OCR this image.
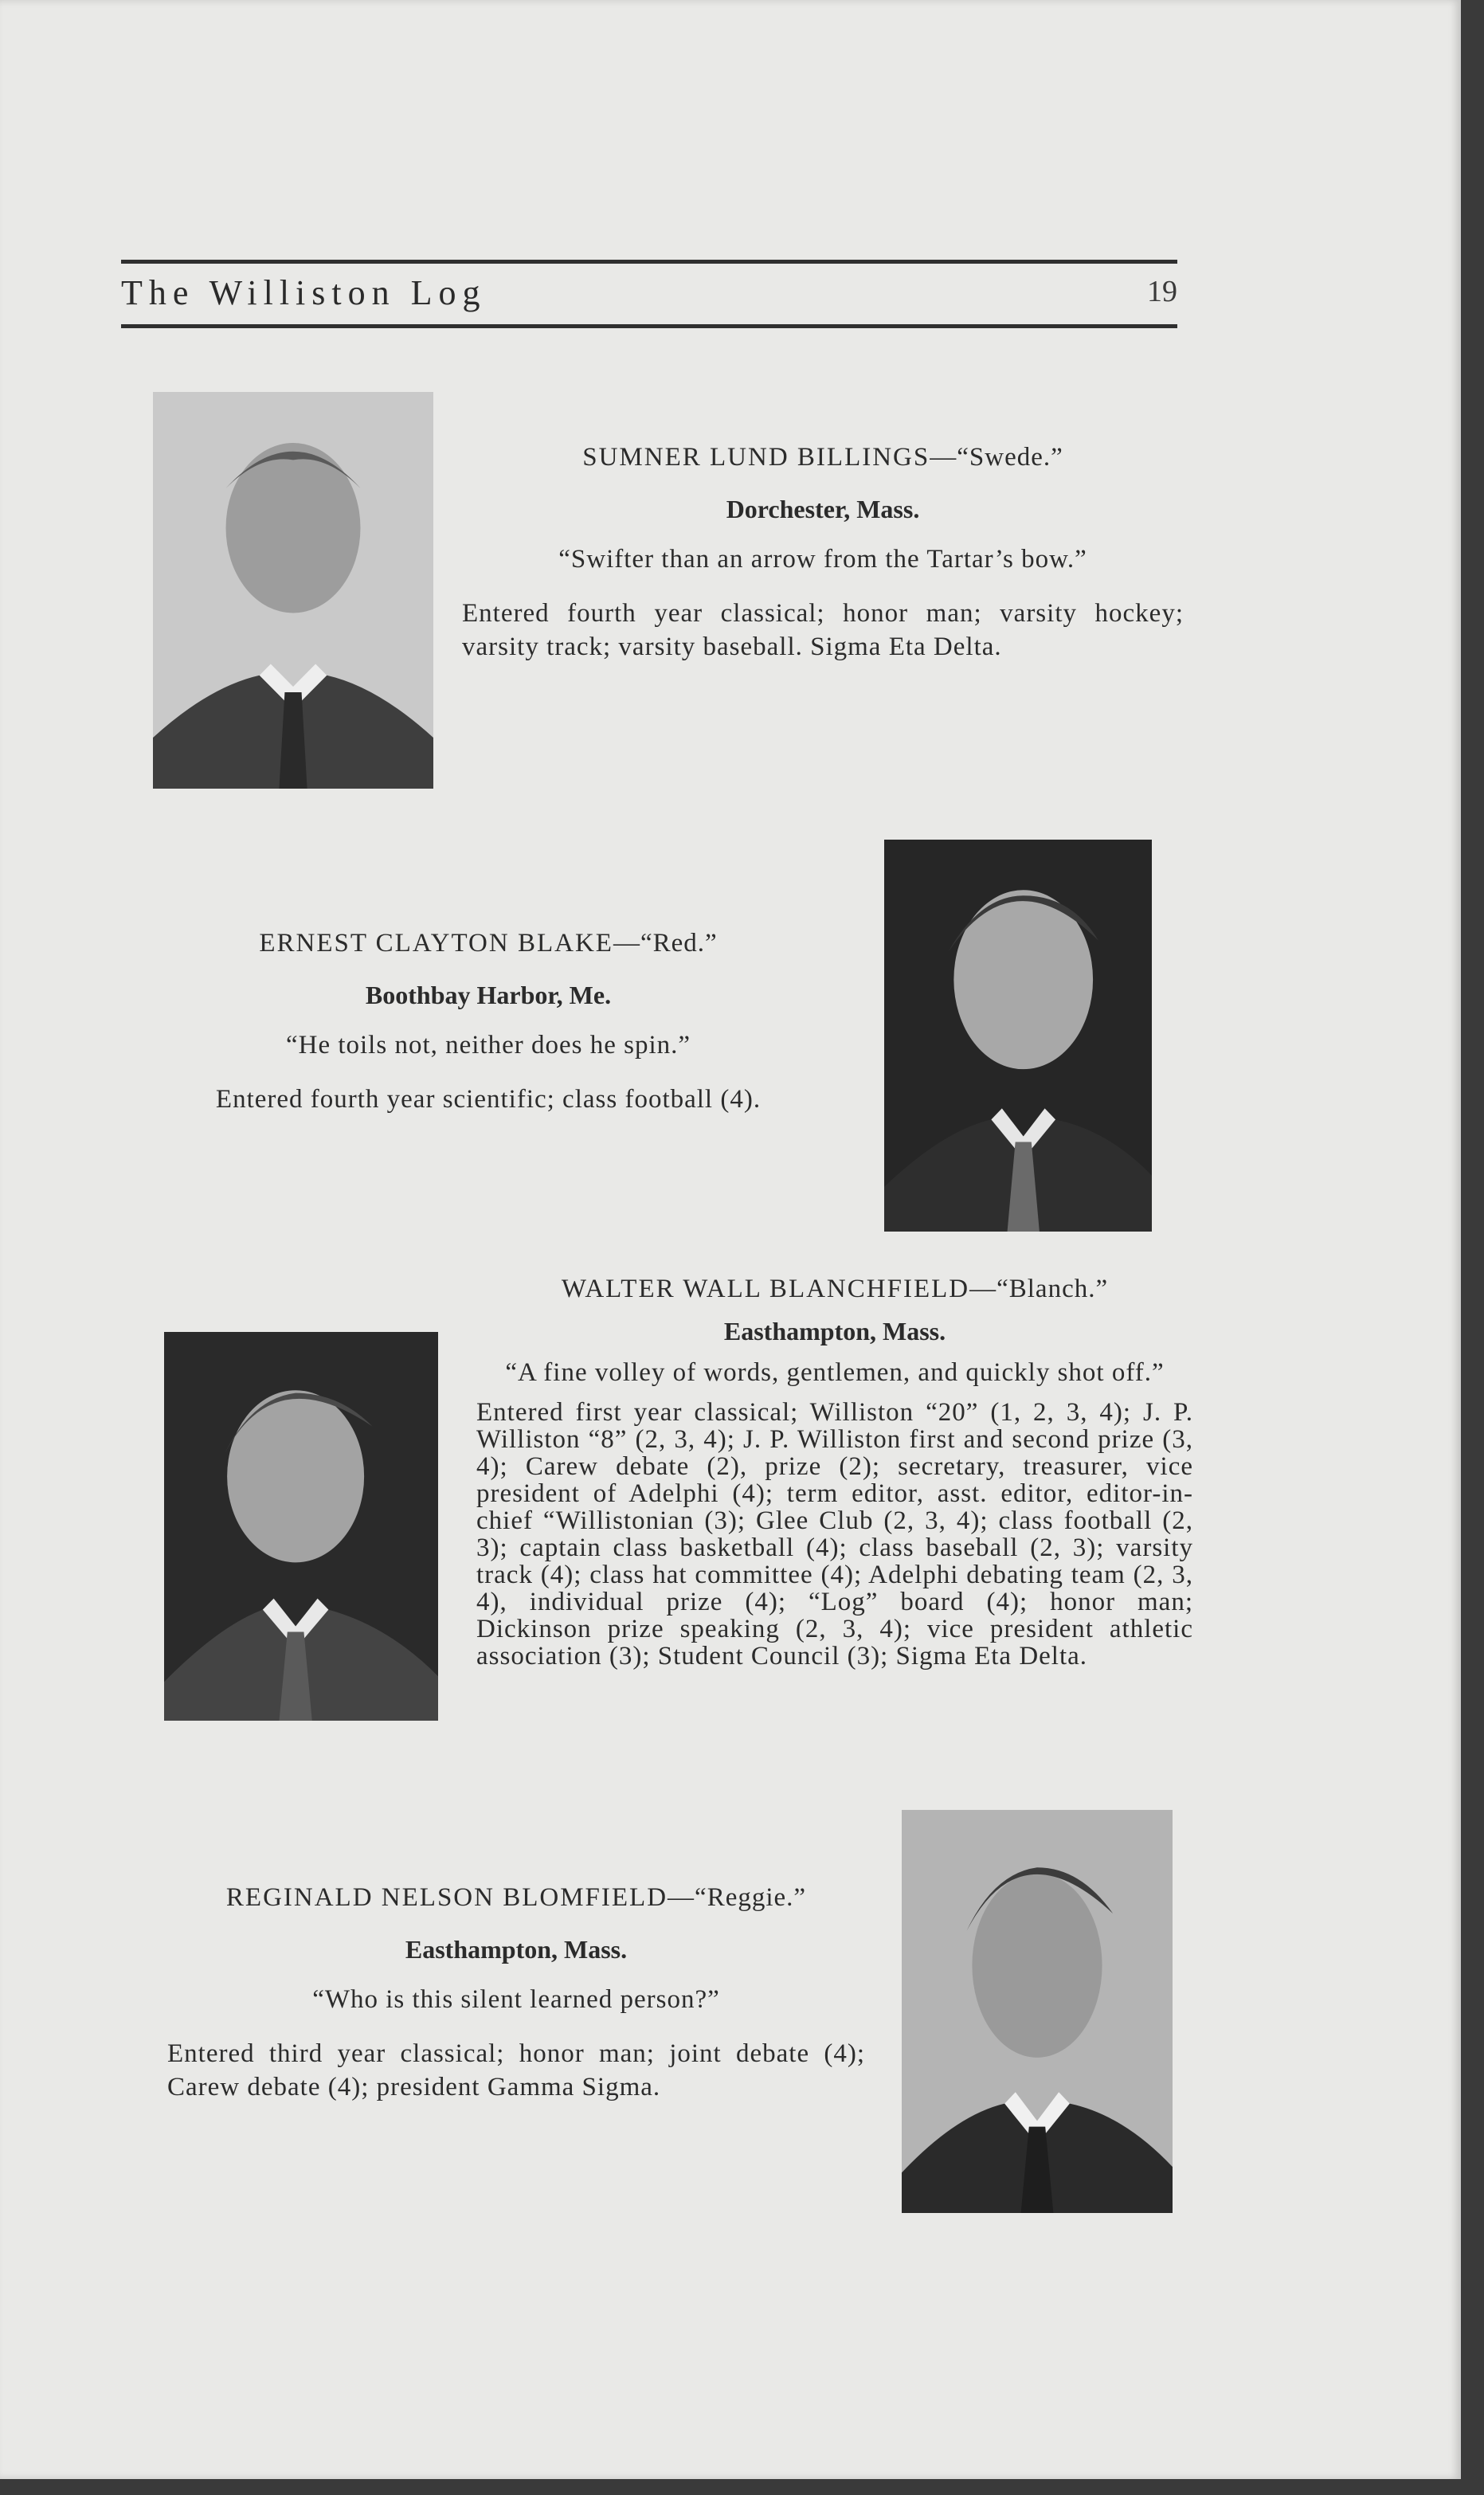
The Williston Log	19

SUMNER LUND BILLINGS—“Swede.”

Dorchester, Mass.

“Swifter than an arrow from the Tartar’s bow.”

Entered fourth year classical; honor man; varsity hockey; varsity track; varsity baseball. Sigma Eta Delta.

ERNEST CLAYTON BLAKE—“Red.”

Boothbay Harbor, Me.

“He toils not, neither does he spin.”

Entered fourth year scientific; class football (4).

WALTER WALL BLANCHFIELD—“Blanch.”

Easthampton, Mass.

“A fine volley of words, gentlemen, and quickly shot off.”

Entered first year classical; Williston “20” (1, 2, 3, 4); J. P. Williston “8” (2, 3, 4); J. P. Williston first and second prize (3, 4); Carew debate (2), prize (2); secretary, treasurer, vice president of Adelphi (4); term editor, asst. editor, editor-in-chief “Willistonian (3); Glee Club (2, 3, 4); class football (2, 3); captain class basketball (4); class baseball (2, 3); varsity track (4); class hat committee (4); Adelphi debating team (2, 3, 4), individual prize (4); “Log” board (4); honor man; Dickinson prize speaking (2, 3, 4); vice president athletic association (3); Student Council (3); Sigma Eta Delta.

REGINALD NELSON BLOMFIELD—“Reggie.”

Easthampton, Mass.

“Who is this silent learned person?”

Entered third year classical; honor man; joint debate (4); Carew debate (4); president Gamma Sigma.
